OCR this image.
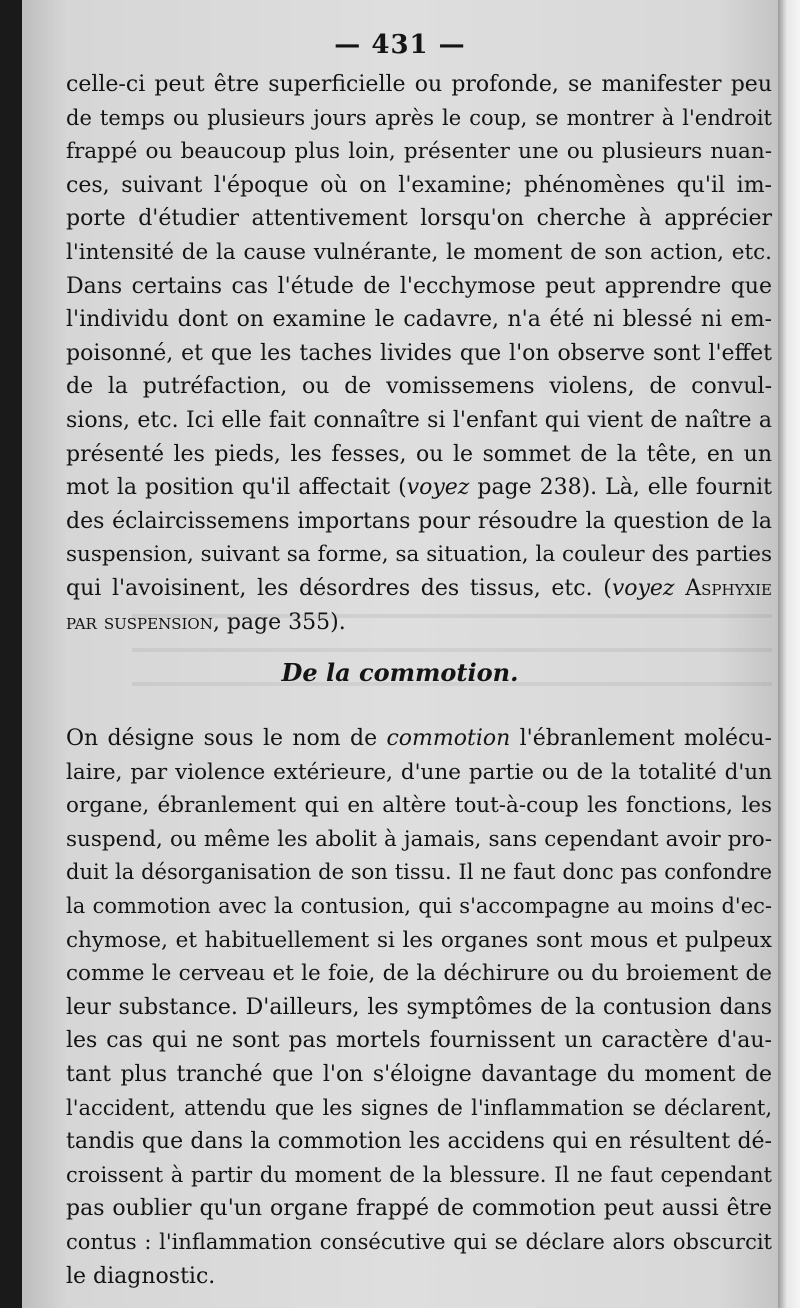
— 431 —

celle-ci peut être superficielle ou profonde, se manifester peu
de temps ou plusieurs jours après le coup, se montrer à l'endroit
frappé ou beaucoup plus loin, présenter une ou plusieurs nuan-
ces, suivant l'époque où on l'examine; phénomènes qu'il im-
porte d'étudier attentivement lorsqu'on cherche à apprécier
l'intensité de la cause vulnérante, le moment de son action, etc.
Dans certains cas l'étude de l'ecchymose peut apprendre que
l'individu dont on examine le cadavre, n'a été ni blessé ni em-
poisonné, et que les taches livides que l'on observe sont l'effet
de la putréfaction, ou de vomissemens violens, de convul-
sions, etc. Ici elle fait connaître si l'enfant qui vient de naître a
présenté les pieds, les fesses, ou le sommet de la tête, en un
mot la position qu'il affectait (voyez page 238). Là, elle fournit
des éclaircissemens importans pour résoudre la question de la
suspension, suivant sa forme, sa situation, la couleur des parties
qui l'avoisinent, les désordres des tissus, etc. (voyez Asphyxie
par suspension, page 355).

De la commotion.

On désigne sous le nom de commotion l'ébranlement molécu-
laire, par violence extérieure, d'une partie ou de la totalité d'un
organe, ébranlement qui en altère tout-à-coup les fonctions, les
suspend, ou même les abolit à jamais, sans cependant avoir pro-
duit la désorganisation de son tissu. Il ne faut donc pas confondre
la commotion avec la contusion, qui s'accompagne au moins d'ec-
chymose, et habituellement si les organes sont mous et pulpeux
comme le cerveau et le foie, de la déchirure ou du broiement de
leur substance. D'ailleurs, les symptômes de la contusion dans
les cas qui ne sont pas mortels fournissent un caractère d'au-
tant plus tranché que l'on s'éloigne davantage du moment de
l'accident, attendu que les signes de l'inflammation se déclarent,
tandis que dans la commotion les accidens qui en résultent dé-
croissent à partir du moment de la blessure. Il ne faut cependant
pas oublier qu'un organe frappé de commotion peut aussi être
contus : l'inflammation consécutive qui se déclare alors obscurcit
le diagnostic.
